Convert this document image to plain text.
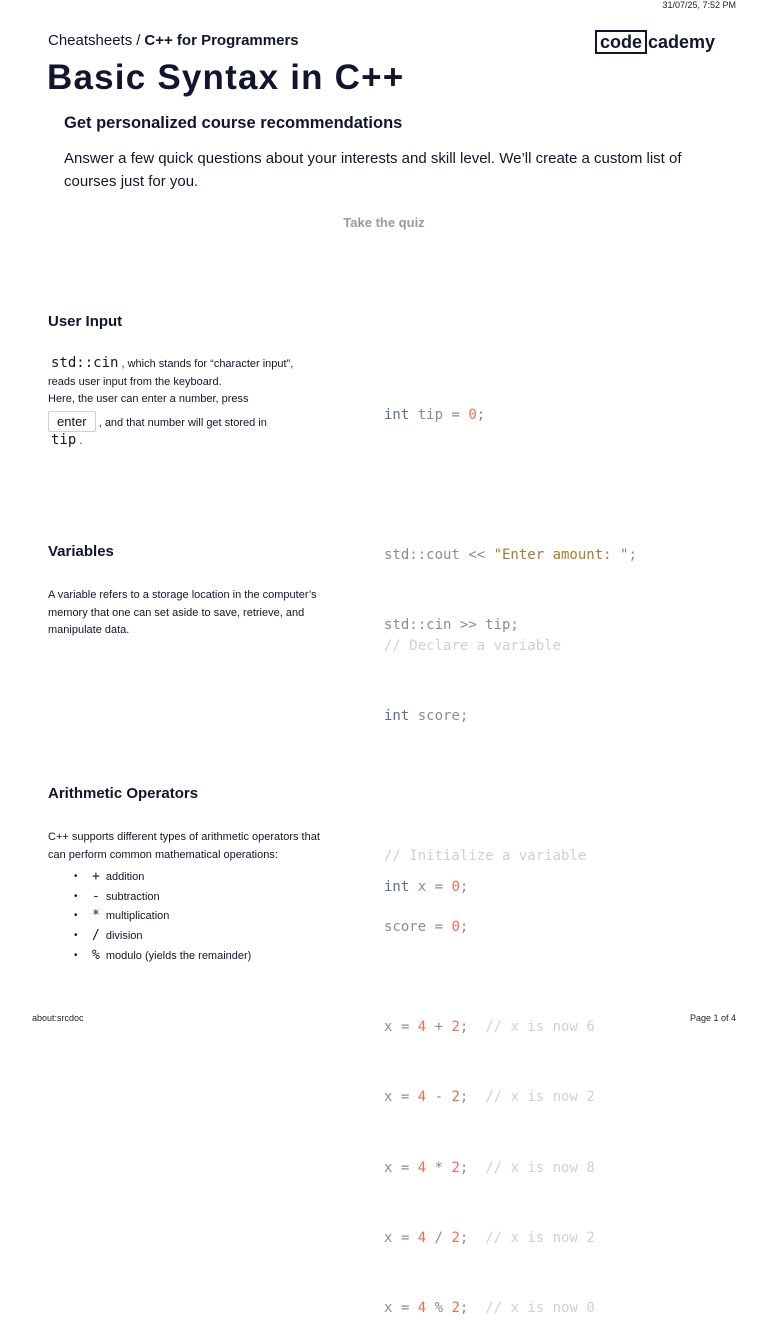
31/07/25, 7:52 PM
Cheatsheets / C++ for Programmers	code cademy
Basic Syntax in C++
Get personalized course recommendations

Answer a few quick questions about your interests and skill level. We’ll create a custom list of courses just for you.

Take the quiz
User Input
std::cin , which stands for “character input”,
reads user input from the keyboard.
Here, the user can enter a number, press
enter , and that number will get stored in
tip .

int tip = 0;

std::cout << "Enter amount: ";

std::cin >> tip;

Variables

A variable refers to a storage location in the computer’s memory that one can set aside to save, retrieve, and manipulate data.

// Declare a variable

int score;

// Initialize a variable

score = 0;

Arithmetic Operators

C++ supports different types of arithmetic operators that can perform common mathematical operations:

• + addition
• - subtraction
• * multiplication
• / division
• % modulo (yields the remainder)

int x = 0;

x = 4 + 2;  // x is now 6

x = 4 - 2;  // x is now 2

x = 4 * 2;  // x is now 8

x = 4 / 2;  // x is now 2

x = 4 % 2;  // x is now 0

about:srcdoc	Page 1 of 4
